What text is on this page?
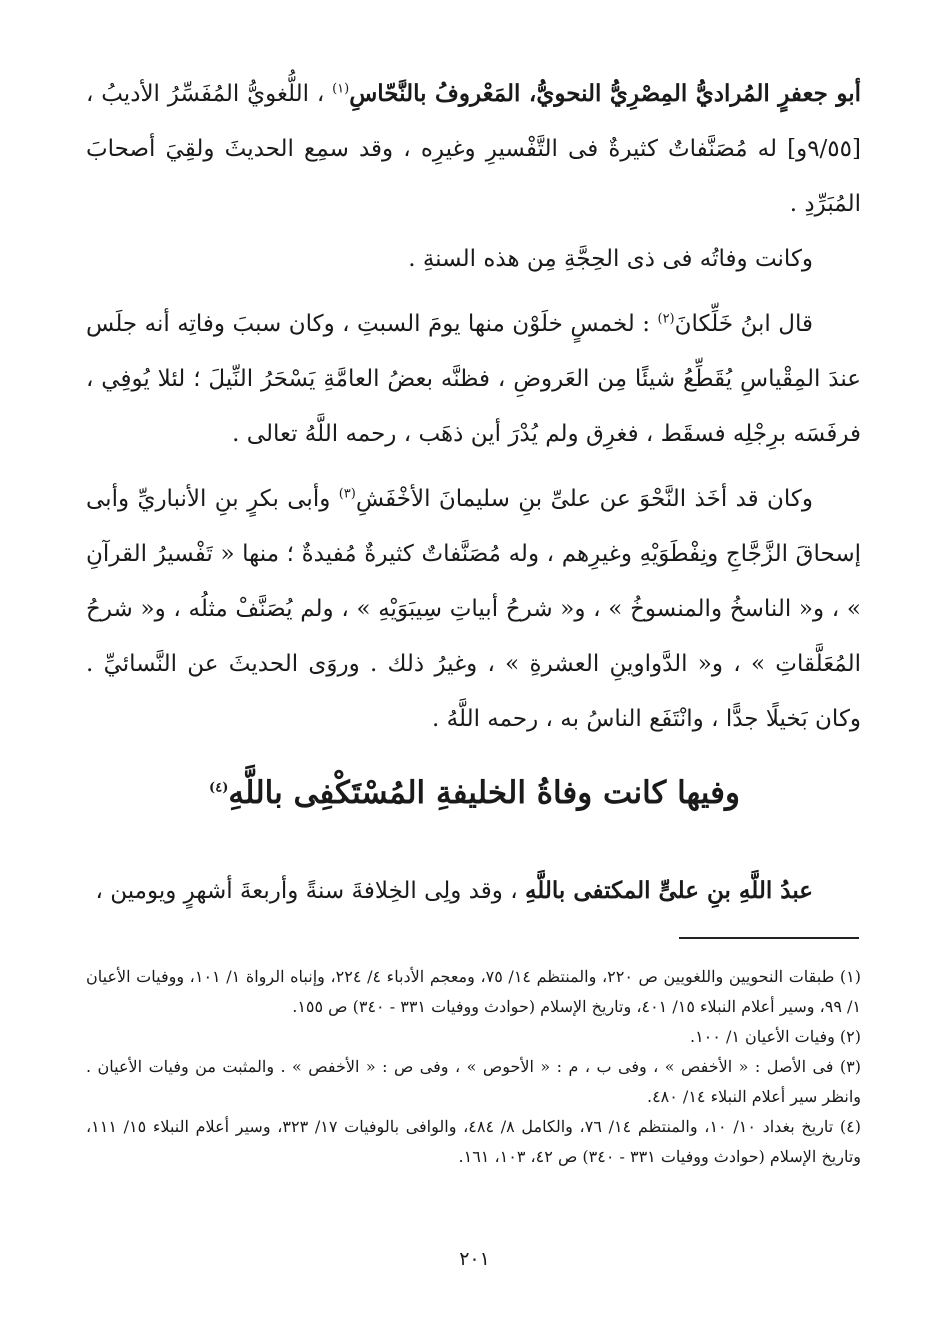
أبو جعفرٍ المُراديُّ المِصْرِيُّ النحويُّ، المَعْروفُ بالنَّحّاسِ$^{(١)}$ ، اللُّغويُّ المُفَسِّرُ الأديبُ ، [٩/٥٥و] له مُصَنَّفاتٌ كثيرةٌ فى التَّفْسيرِ وغيرِه ، وقد سمِع الحديثَ ولقِيَ أصحابَ المُبَرِّدِ .

وكانت وفاتُه فى ذى الحِجَّةِ مِن هذه السنةِ .

قال ابنُ خَلِّكانَ$^{(٢)}$ : لخمسٍ خلَوْن منها يومَ السبتِ ، وكان سببَ وفاتِه أنه جلَس عندَ المِقْياسِ يُقَطِّعُ شيئًا مِن العَروضِ ، فظنَّه بعضُ العامَّةِ يَسْحَرُ النِّيلَ ؛ لئلا يُوفِي ، فرفَسَه برِجْلِه فسقَط ، فغرِق ولم يُدْرَ أين ذهَب ، رحمه اللَّهُ تعالى .

وكان قد أخَذ النَّحْوَ عن علىِّ بنِ سليمانَ الأخْفَشِ$^{(٣)}$ وأبى بكرٍ بنِ الأنباريِّ وأبى إسحاقَ الزَّجَّاجِ ونِفْطَوَيْهِ وغيرِهم ، وله مُصَنَّفاتٌ كثيرةٌ مُفيدةٌ ؛ منها « تَفْسيرُ القرآنِ » ، و« الناسخُ والمنسوخُ » ، و« شرحُ أبياتِ سِيبَوَيْهِ » ، ولم يُصَنَّفْ مثلُه ، و« شرحُ المُعَلَّقاتِ » ، و« الدَّواوينِ العشرةِ » ، وغيرُ ذلك . وروَى الحديثَ عن النَّسائيِّ . وكان بَخيلًا جدًّا ، وانْتَفَع الناسُ به ، رحمه اللَّهُ .

وفيها كانت وفاةُ الخليفةِ المُسْتَكْفِى باللَّهِ$^{(٤)}$
عبدُ اللَّهِ بنِ علىٍّ المكتفى باللَّهِ ، وقد ولِى الخِلافةَ سنةً وأربعةَ أشهرٍ ويومين ،

(١) طبقات النحويين واللغويين ص ٢٢٠، والمنتظم ١٤/ ٧٥، ومعجم الأدباء ٤/ ٢٢٤، وإنباه الرواة ١/ ١٠١، ووفيات الأعيان ١/ ٩٩، وسير أعلام النبلاء ١٥/ ٤٠١، وتاريخ الإسلام (حوادث ووفيات ٣٣١ - ٣٤٠) ص ١٥٥.

(٢) وفيات الأعيان ١/ ١٠٠.

(٣) فى الأصل : « الأخفص » ، وفى ب ، م : « الأحوص » ، وفى ص : « الأخفص » . والمثبت من وفيات الأعيان . وانظر سير أعلام النبلاء ١٤/ ٤٨٠.

(٤) تاريخ بغداد ١٠/ ١٠، والمنتظم ١٤/ ٧٦، والكامل ٨/ ٤٨٤، والوافى بالوفيات ١٧/ ٣٢٣، وسير أعلام النبلاء ١٥/ ١١١، وتاريخ الإسلام (حوادث ووفيات ٣٣١ - ٣٤٠) ص ٤٢، ١٠٣، ١٦١.

٢٠١
